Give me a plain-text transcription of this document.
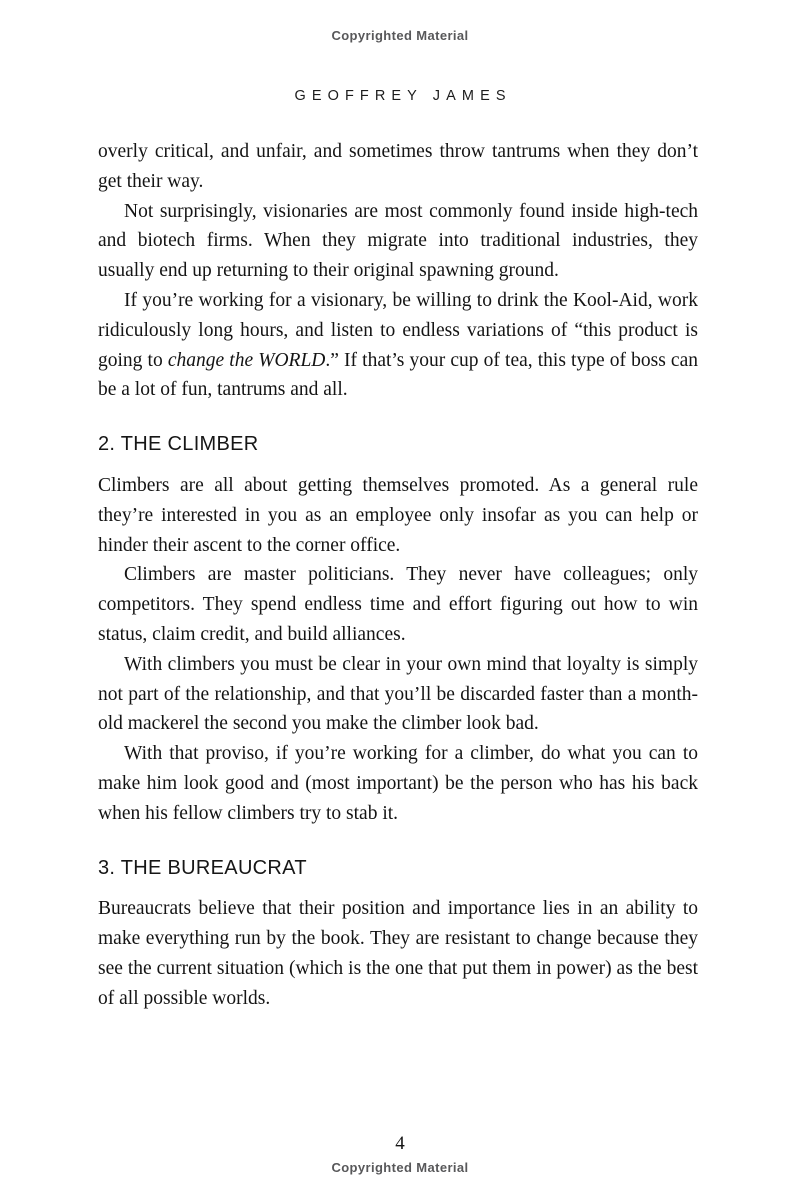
Copyrighted Material
GEOFFREY JAMES

overly critical, and unfair, and sometimes throw tantrums when they don’t get their way.

Not surprisingly, visionaries are most commonly found inside high-tech and biotech firms. When they migrate into traditional industries, they usually end up returning to their original spawning ground.

If you’re working for a visionary, be willing to drink the Kool-Aid, work ridiculously long hours, and listen to endless variations of “this product is going to change the WORLD.” If that’s your cup of tea, this type of boss can be a lot of fun, tantrums and all.

2. THE CLIMBER

Climbers are all about getting themselves promoted. As a general rule they’re interested in you as an employee only insofar as you can help or hinder their ascent to the corner office.

Climbers are master politicians. They never have colleagues; only competitors. They spend endless time and effort figuring out how to win status, claim credit, and build alliances.

With climbers you must be clear in your own mind that loyalty is simply not part of the relationship, and that you’ll be discarded faster than a month-old mackerel the second you make the climber look bad.

With that proviso, if you’re working for a climber, do what you can to make him look good and (most important) be the person who has his back when his fellow climbers try to stab it.

3. THE BUREAUCRAT

Bureaucrats believe that their position and importance lies in an ability to make everything run by the book. They are resistant to change because they see the current situation (which is the one that put them in power) as the best of all possible worlds.

4
Copyrighted Material
